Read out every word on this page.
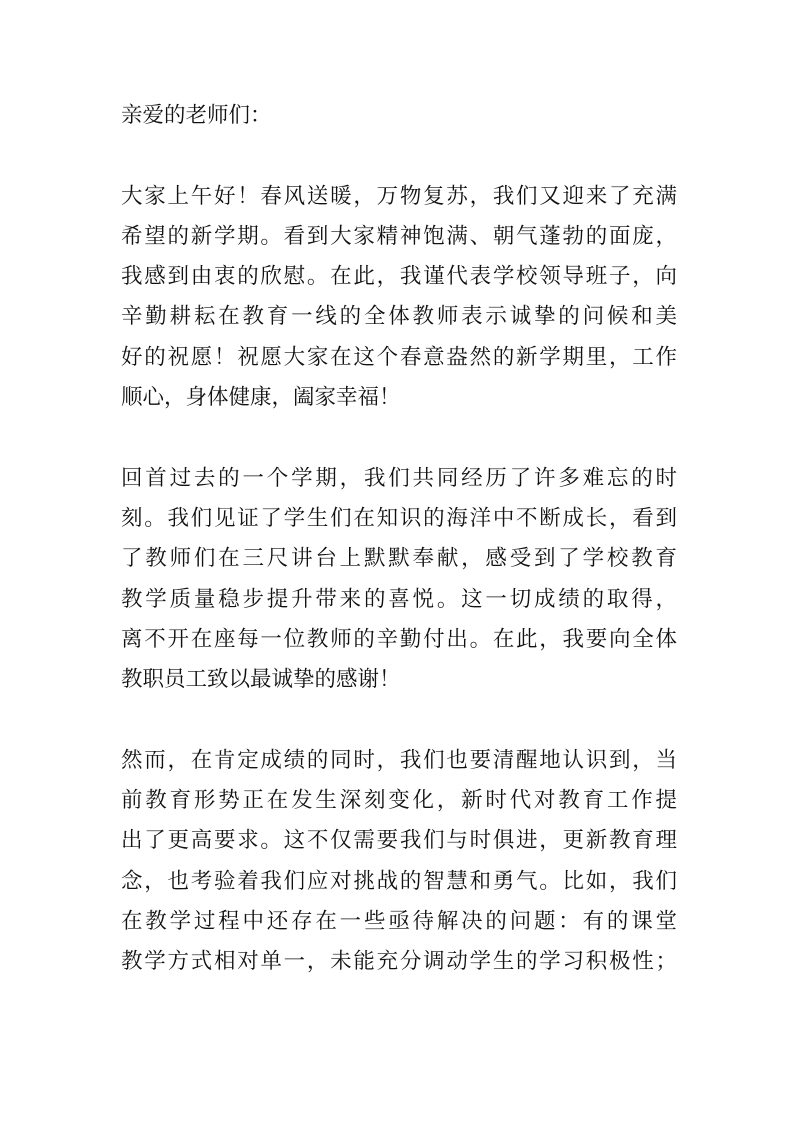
亲爱的老师们：

大家上午好！春风送暖，万物复苏，我们又迎来了充满
希望的新学期。看到大家精神饱满、朝气蓬勃的面庞，
我感到由衷的欣慰。在此，我谨代表学校领导班子，向
辛勤耕耘在教育一线的全体教师表示诚挚的问候和美
好的祝愿！祝愿大家在这个春意盎然的新学期里，工作
顺心，身体健康，阖家幸福！

回首过去的一个学期，我们共同经历了许多难忘的时
刻。我们见证了学生们在知识的海洋中不断成长，看到
了教师们在三尺讲台上默默奉献，感受到了学校教育
教学质量稳步提升带来的喜悦。这一切成绩的取得，
离不开在座每一位教师的辛勤付出。在此，我要向全体
教职员工致以最诚挚的感谢！

然而，在肯定成绩的同时，我们也要清醒地认识到，当
前教育形势正在发生深刻变化，新时代对教育工作提
出了更高要求。这不仅需要我们与时俱进，更新教育理
念，也考验着我们应对挑战的智慧和勇气。比如，我们
在教学过程中还存在一些亟待解决的问题：有的课堂
教学方式相对单一，未能充分调动学生的学习积极性；
